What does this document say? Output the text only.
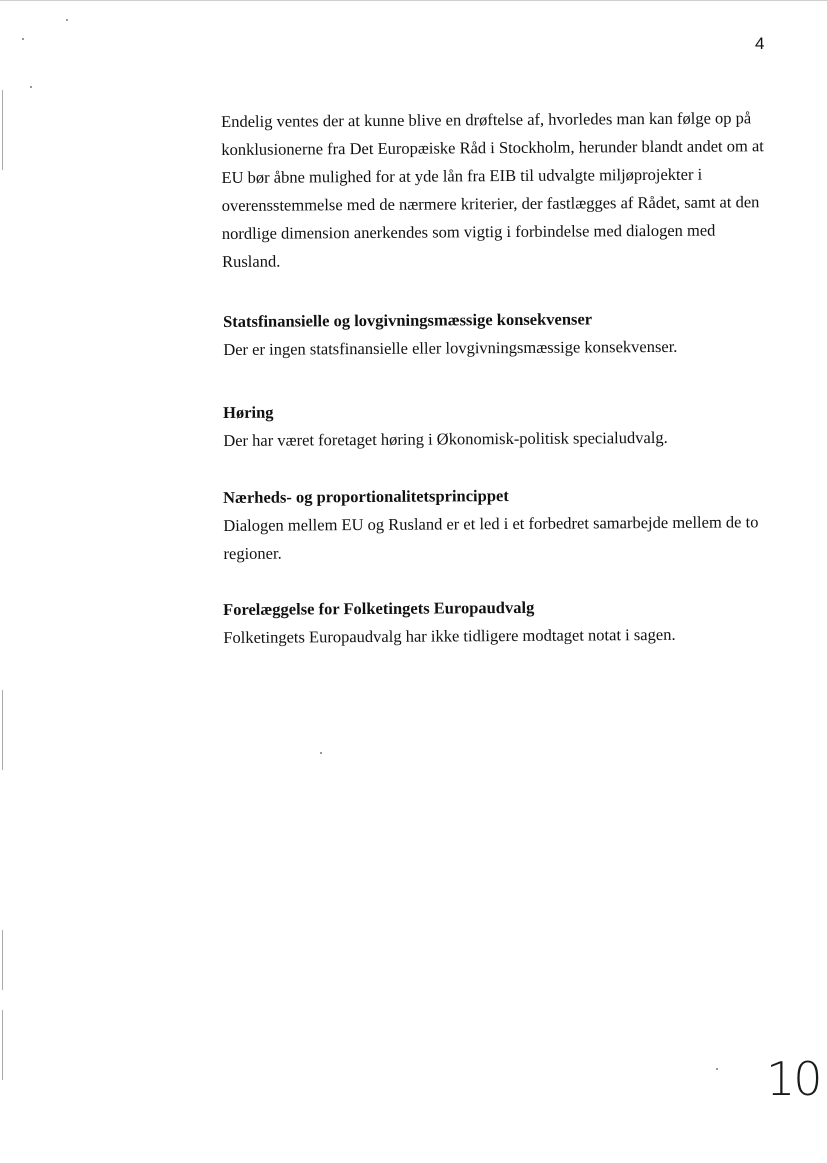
4

Endelig ventes der at kunne blive en drøftelse af, hvorledes man kan følge op på konklusionerne fra Det Europæiske Råd i Stockholm, herunder blandt andet om at EU bør åbne mulighed for at yde lån fra EIB til udvalgte miljøprojekter i overensstemmelse med de nærmere kriterier, der fastlægges af Rådet, samt at den nordlige dimension anerkendes som vigtig i forbindelse med dialogen med Rusland.

Statsfinansielle og lovgivningsmæssige konsekvenser

Der er ingen statsfinansielle eller lovgivningsmæssige konsekvenser.

Høring

Der har været foretaget høring i Økonomisk-politisk specialudvalg.

Nærheds- og proportionalitetsprincippet

Dialogen mellem EU og Rusland er et led i et forbedret samarbejde mellem de to regioner.

Forelæggelse for Folketingets Europaudvalg

Folketingets Europaudvalg har ikke tidligere modtaget notat i sagen.

10
